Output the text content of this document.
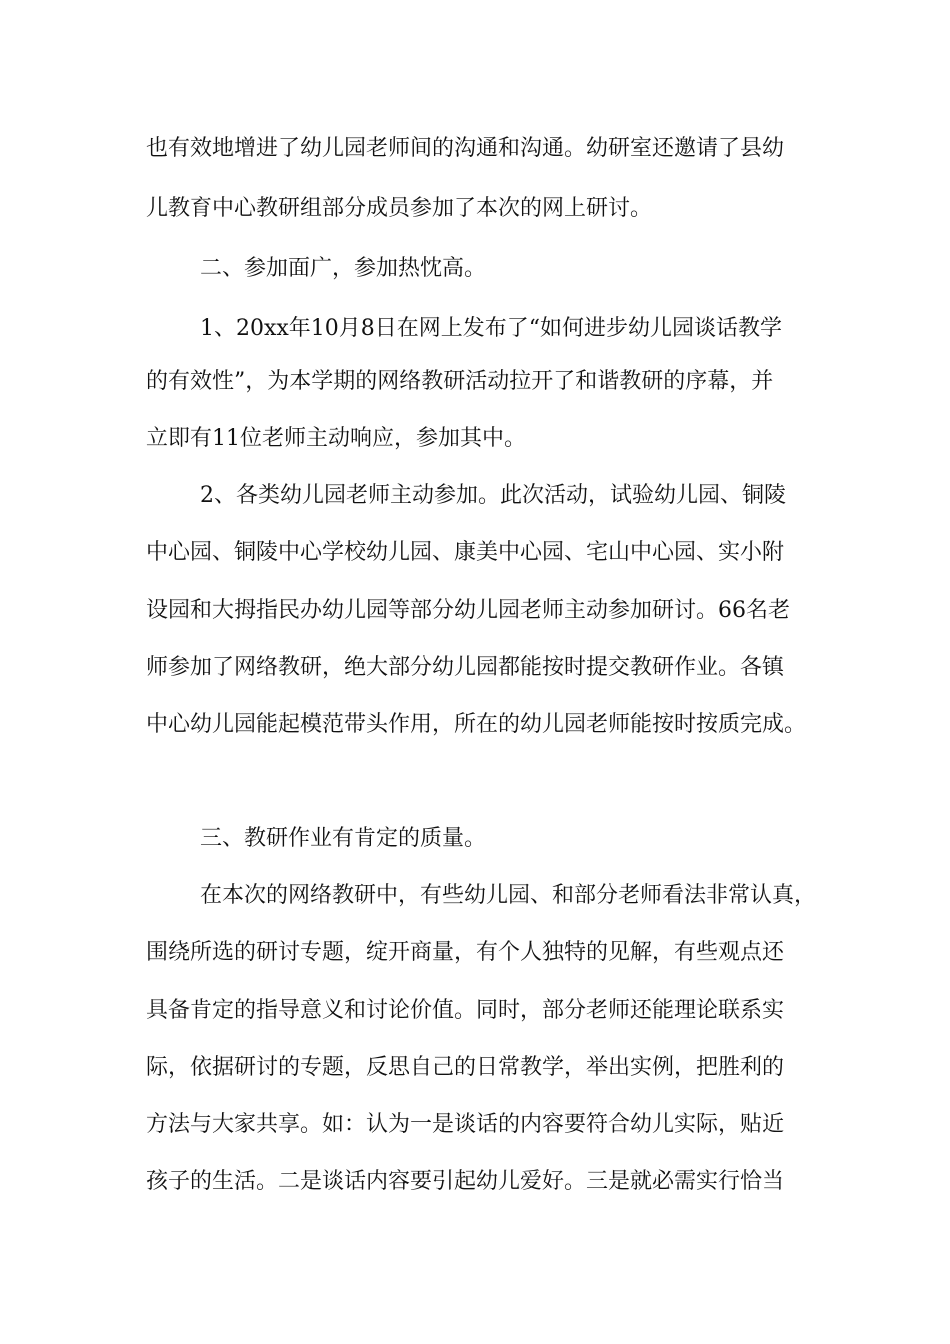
也有效地增进了幼儿园老师间的沟通和沟通。幼研室还邀请了县幼

儿教育中心教研组部分成员参加了本次的网上研讨。

二、参加面广，参加热忱高。

1、20xx年10月8日在网上发布了“如何进步幼儿园谈话教学

的有效性”，为本学期的网络教研活动拉开了和谐教研的序幕，并

立即有11位老师主动响应，参加其中。

2、各类幼儿园老师主动参加。此次活动，试验幼儿园、铜陵

中心园、铜陵中心学校幼儿园、康美中心园、宅山中心园、实小附

设园和大拇指民办幼儿园等部分幼儿园老师主动参加研讨。66名老

师参加了网络教研，绝大部分幼儿园都能按时提交教研作业。各镇

中心幼儿园能起模范带头作用，所在的幼儿园老师能按时按质完成。

三、教研作业有肯定的质量。

在本次的网络教研中，有些幼儿园、和部分老师看法非常认真，

围绕所选的研讨专题，绽开商量，有个人独特的见解，有些观点还

具备肯定的指导意义和讨论价值。同时，部分老师还能理论联系实

际，依据研讨的专题，反思自己的日常教学，举出实例，把胜利的

方法与大家共享。如：认为一是谈话的内容要符合幼儿实际，贴近

孩子的生活。二是谈话内容要引起幼儿爱好。三是就必需实行恰当
